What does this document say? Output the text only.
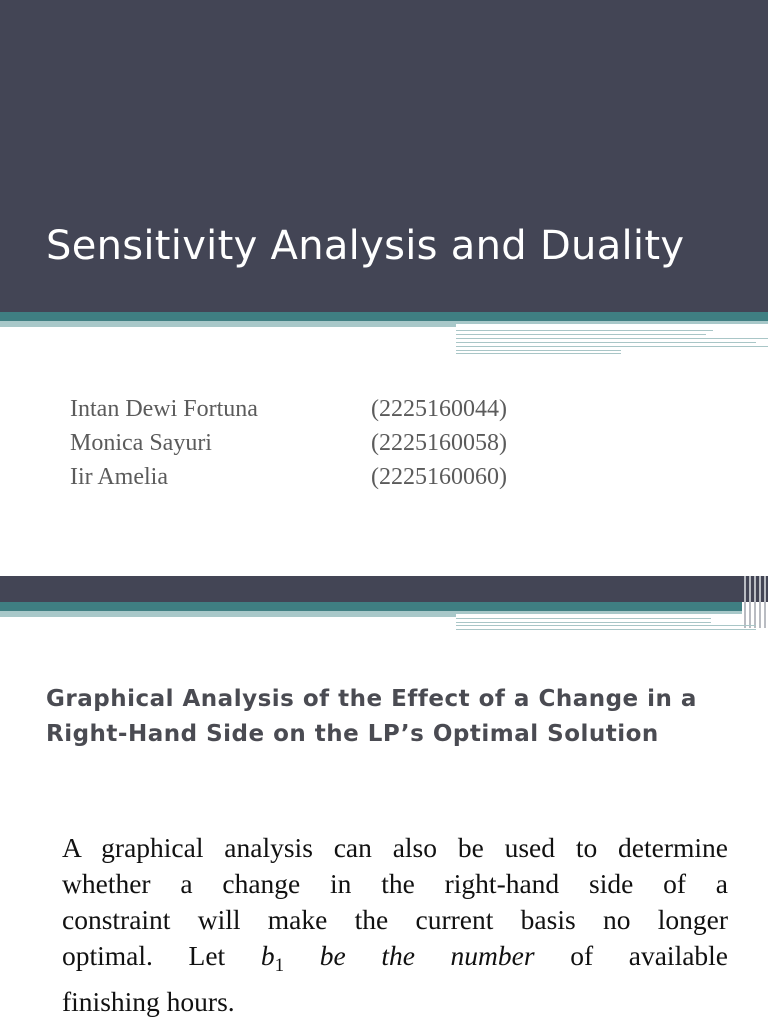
Sensitivity Analysis and Duality
Intan Dewi Fortuna	(2225160044)
Monica Sayuri	(2225160058)
Iir Amelia	(2225160060)
Graphical Analysis of the Effect of a Change in a Right-Hand Side on the LP’s Optimal Solution
A graphical analysis can also be used to determine
whether a change in the right-hand side of a
constraint will make the current basis no longer
optimal. Let $b_1$ be the number of available
finishing hours.
